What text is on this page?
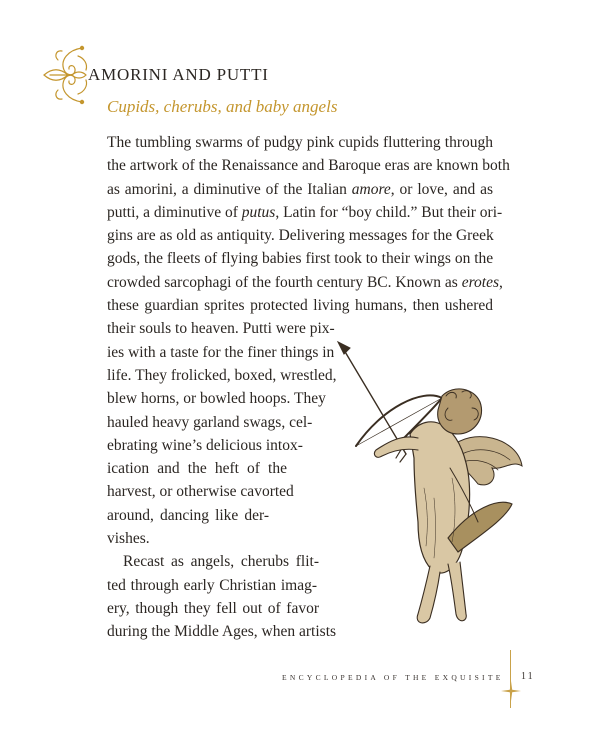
AMORINI AND PUTTI
Cupids, cherubs, and baby angels
The tumbling swarms of pudgy pink cupids fluttering through
the artwork of the Renaissance and Baroque eras are known both
as amorini, a diminutive of the Italian amore, or love, and as
putti, a diminutive of putus, Latin for “boy child.” But their ori-
gins are as old as antiquity. Delivering messages for the Greek
gods, the fleets of flying babies first took to their wings on the
crowded sarcophagi of the fourth century BC. Known as erotes,
these guardian sprites protected living humans, then ushered
their souls to heaven. Putti were pix-
ies with a taste for the finer things in
life. They frolicked, boxed, wrestled,
blew horns, or bowled hoops. They
hauled heavy garland swags, cel-
ebrating wine’s delicious intox-
ication and the heft of the
harvest, or otherwise cavorted
around, dancing like der-
vishes.
Recast as angels, cherubs flit-
ted through early Christian imag-
ery, though they fell out of favor
during the Middle Ages, when artists
ENCYCLOPEDIA OF THE EXQUISITE 11
